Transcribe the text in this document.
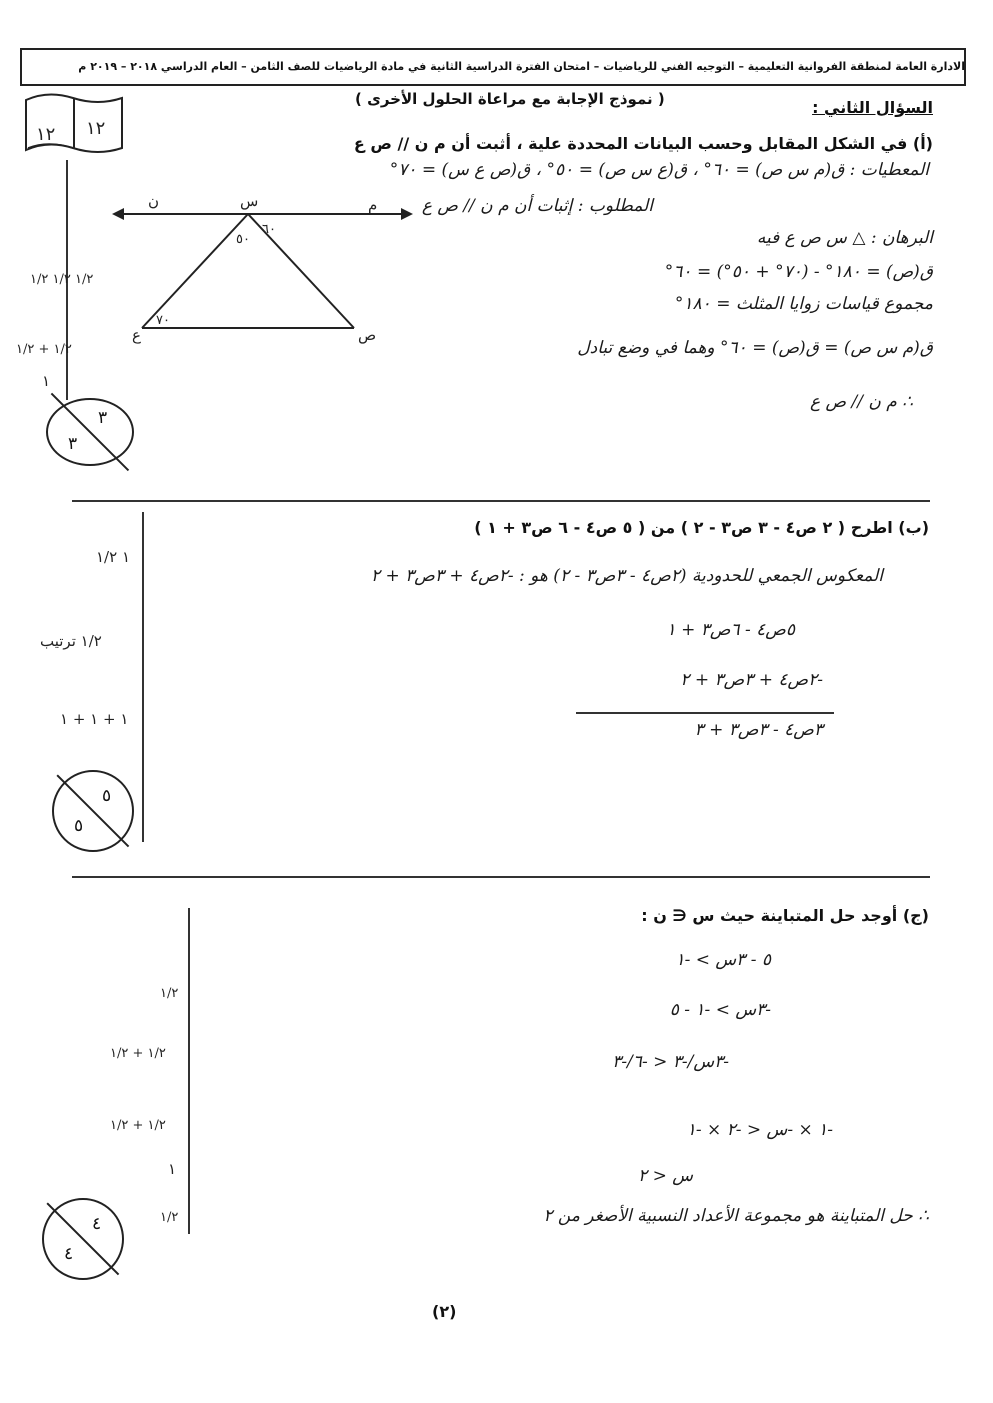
الادارة العامة لمنطقة الفروانية التعليمية – التوجيه الفني للرياضيات – امتحان الفترة الدراسية الثانية في مادة الرياضيات للصف الثامن – العام الدراسي ٢٠١٨ – ٢٠١٩ م
١٢ ١٢
( نموذج الإجابة مع مراعاة الحلول الأخرى )	السؤال الثاني :
(أ) في الشكل المقابل وحسب البيانات المحددة علية ، أثبت أن م ن // ص ع
المعطيات : ق(م س ص) = ٦٠° ، ق(ع س ص) = ٥٠° ، ق(ص ع س) = ٧٠°
المطلوب : إثبات أن م ن // ص ع
البرهان : △ س ص ع فيه
ق(ص) = ١٨٠° - (٧٠° + ٥٠°) = ٦٠°
مجموع قياسات زوايا المثلث = ١٨٠°
ق(م س ص) = ق(ص) = ٦٠° وهما في وضع تبادل
∴ م ن // ص ع
ن	س	م
ع	ص
٦٠
٥٠
٧٠
١/٢ ١/٢ ١/٢
١/٢ + ١/٢
١
٣
٣
(ب) اطرح ( ٢ ص٤ - ٣ ص٣ - ٢ ) من ( ٥ ص٤ - ٦ ص٣ + ١ )
المعكوس الجمعي للحدودية (٢ص٤ - ٣ص٣ - ٢) هو : -٢ص٤ + ٣ص٣ + ٢
٥ص٤ - ٦ص٣ + ١
-٢ص٤ + ٣ص٣ + ٢
٣ص٤ - ٣ص٣ + ٣
١ ١/٢
١/٢ ترتيب
١ + ١ + ١
٥
٥
(ج) أوجد حل المتباينة حيث س ∈ ن :
٥ - ٣س > -١
-٣س > -١ - ٥
-٣س/-٣ < -٦/-٣
-١ × -س < -٢ × -١
س < ٢
∴ حل المتباينة هو مجموعة الأعداد النسبية الأصغر من ٢
١/٢
١/٢ + ١/٢
١/٢ + ١/٢
١
١/٢
٤
٤
(٢)
